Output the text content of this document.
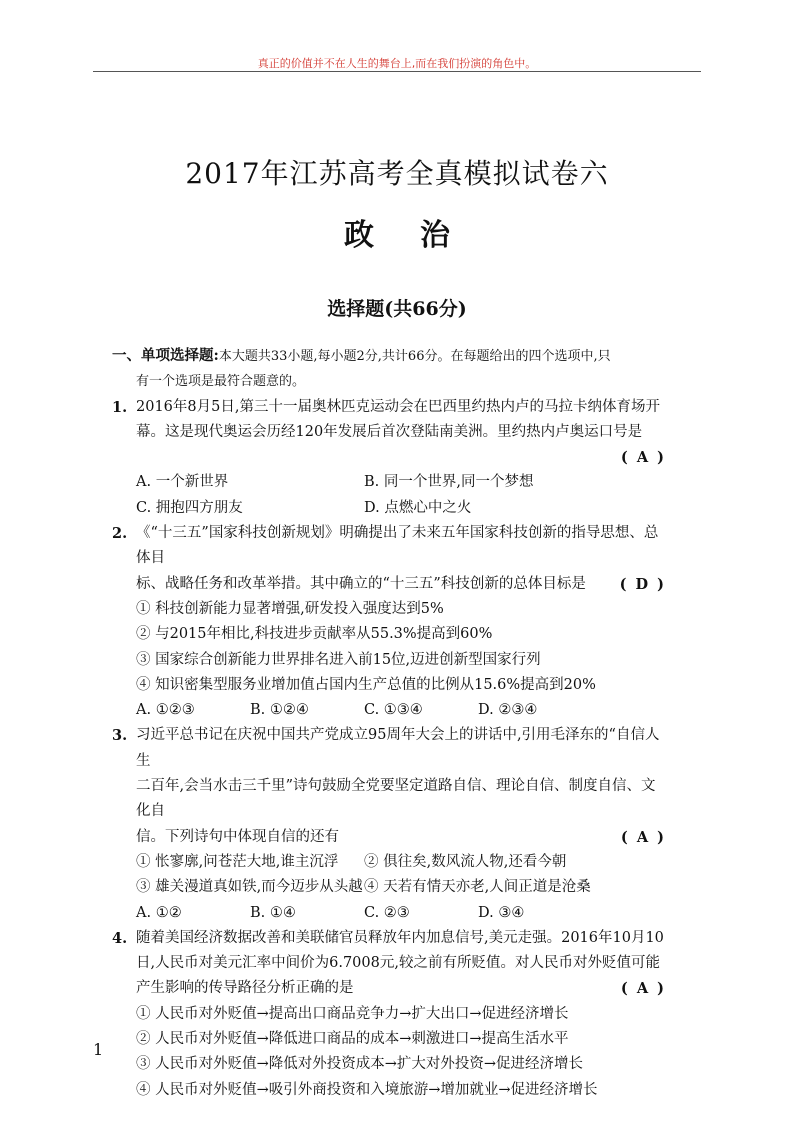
真正的价值并不在人生的舞台上,而在我们扮演的角色中。
2017年江苏高考全真模拟试卷六
政治
选择题(共66分)
一、单项选择题:本大题共33小题,每小题2分,共计66分。在每题给出的四个选项中,只
有一个选项是最符合题意的。
1. 2016年8月5日,第三十一届奥林匹克运动会在巴西里约热内卢的马拉卡纳体育场开
幕。这是现代奥运会历经120年发展后首次登陆南美洲。里约热内卢奥运口号是
( A )
A. 一个新世界	B. 同一个世界,同一个梦想
C. 拥抱四方朋友	D. 点燃心中之火
2. 《“十三五”国家科技创新规划》明确提出了未来五年国家科技创新的指导思想、总体目
标、战略任务和改革举措。其中确立的“十三五”科技创新的总体目标是 ( D )
① 科技创新能力显著增强,研发投入强度达到5%
② 与2015年相比,科技进步贡献率从55.3%提高到60%
③ 国家综合创新能力世界排名进入前15位,迈进创新型国家行列
④ 知识密集型服务业增加值占国内生产总值的比例从15.6%提高到20%
A. ①②③	B. ①②④	C. ①③④	D. ②③④
3. 习近平总书记在庆祝中国共产党成立95周年大会上的讲话中,引用毛泽东的“自信人生
二百年,会当水击三千里”诗句鼓励全党要坚定道路自信、理论自信、制度自信、文化自
信。下列诗句中体现自信的还有	( A )
① 怅寥廓,问苍茫大地,谁主沉浮	② 俱往矣,数风流人物,还看今朝
③ 雄关漫道真如铁,而今迈步从头越 ④ 天若有情天亦老,人间正道是沧桑
A. ①②	B. ①④	C. ②③	D. ③④
4. 随着美国经济数据改善和美联储官员释放年内加息信号,美元走强。2016年10月10
日,人民币对美元汇率中间价为6.7008元,较之前有所贬值。对人民币对外贬值可能
产生影响的传导路径分析正确的是	( A )
① 人民币对外贬值→提高出口商品竞争力→扩大出口→促进经济增长
② 人民币对外贬值→降低进口商品的成本→刺激进口→提高生活水平
③ 人民币对外贬值→降低对外投资成本→扩大对外投资→促进经济增长
④ 人民币对外贬值→吸引外商投资和入境旅游→增加就业→促进经济增长
1
